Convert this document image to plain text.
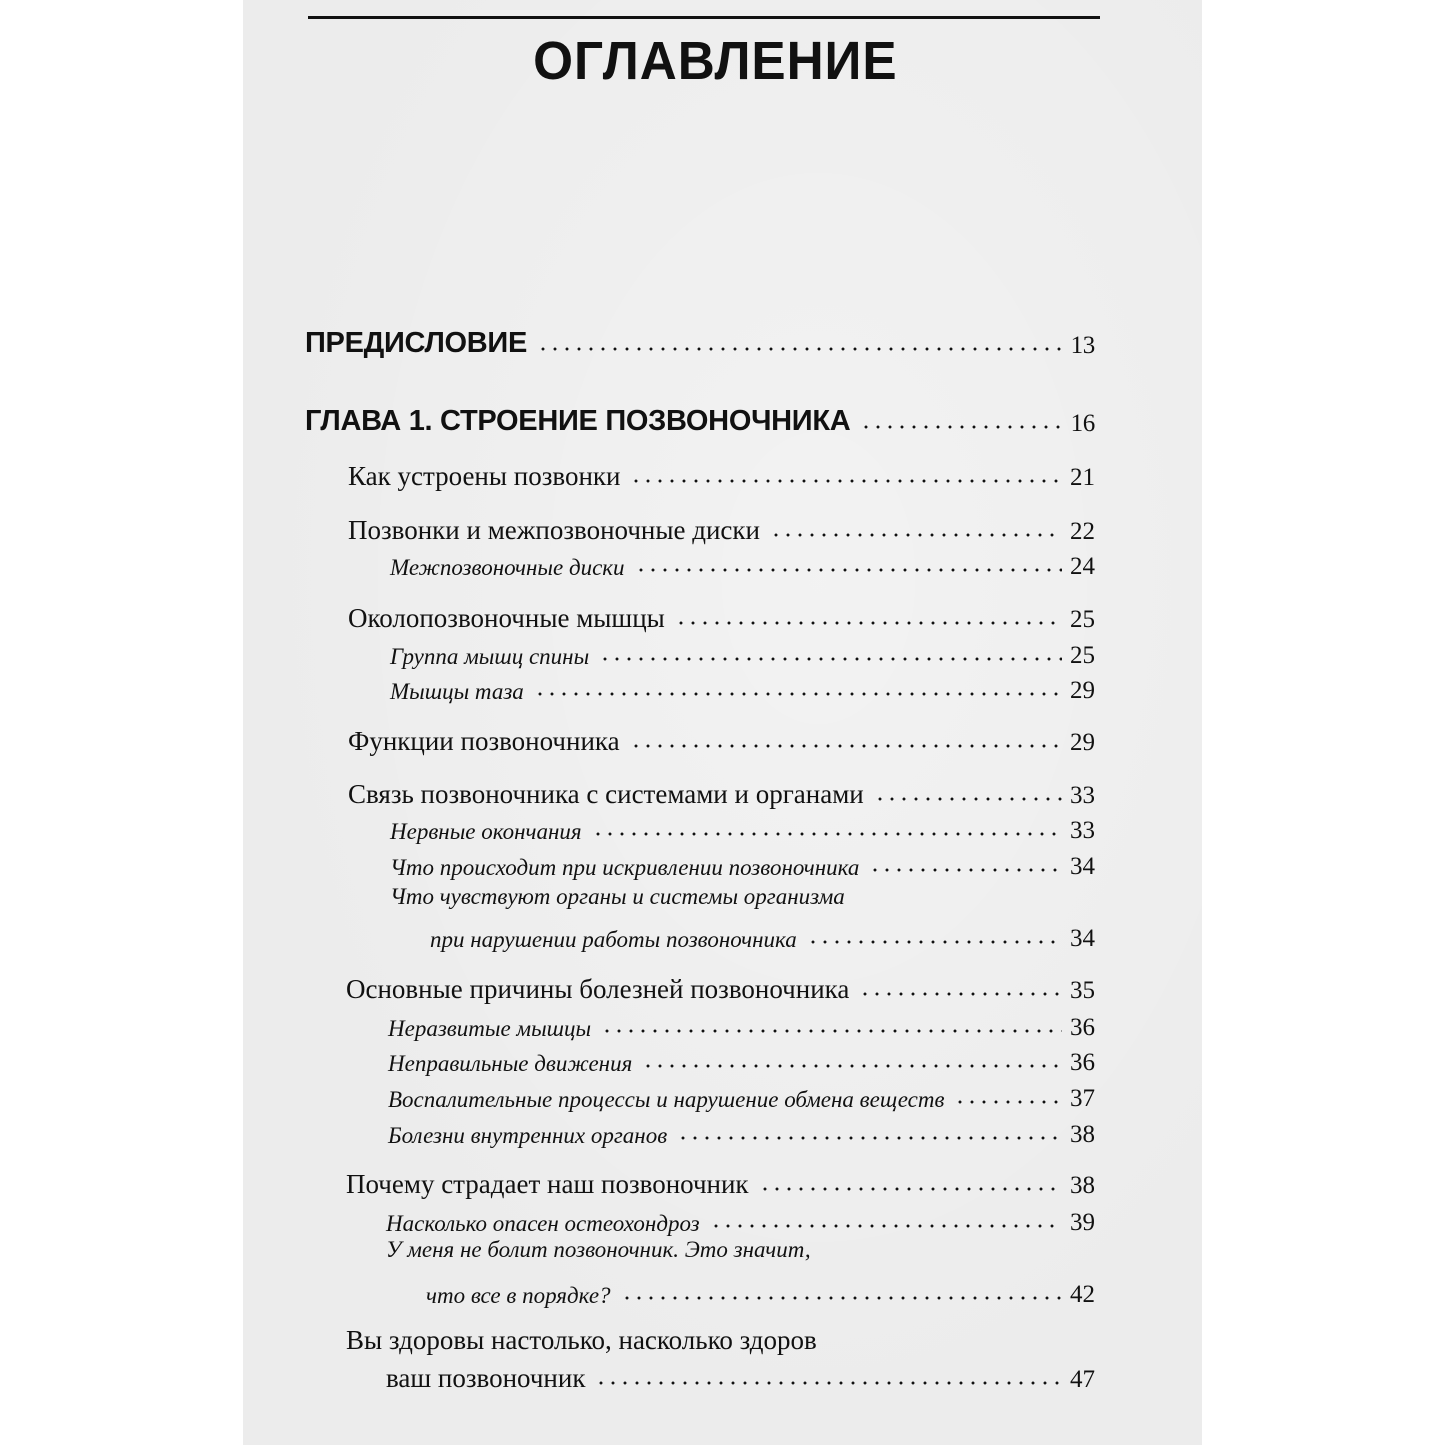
ОГЛАВЛЕНИЕ
ПРЕДИСЛОВИЕ	13
ГЛАВА 1. СТРОЕНИЕ ПОЗВОНОЧНИКА	16
Как устроены позвонки	21
Позвонки и межпозвоночные диски	22
Межпозвоночные диски	24
Околопозвоночные мышцы	25
Группа мышц спины	25
Мышцы таза	29
Функции позвоночника	29
Связь позвоночника с системами и органами	33
Нервные окончания	33
Что происходит при искривлении позвоночника	34
Что чувствуют органы и системы организма
при нарушении работы позвоночника	34
Основные причины болезней позвоночника	35
Неразвитые мышцы	36
Неправильные движения	36
Воспалительные процессы и нарушение обмена веществ	37
Болезни внутренних органов	38
Почему страдает наш позвоночник	38
Насколько опасен остеохондроз	39
У меня не болит позвоночник. Это значит,
что все в порядке?	42
Вы здоровы настолько, насколько здоров
ваш позвоночник	47
